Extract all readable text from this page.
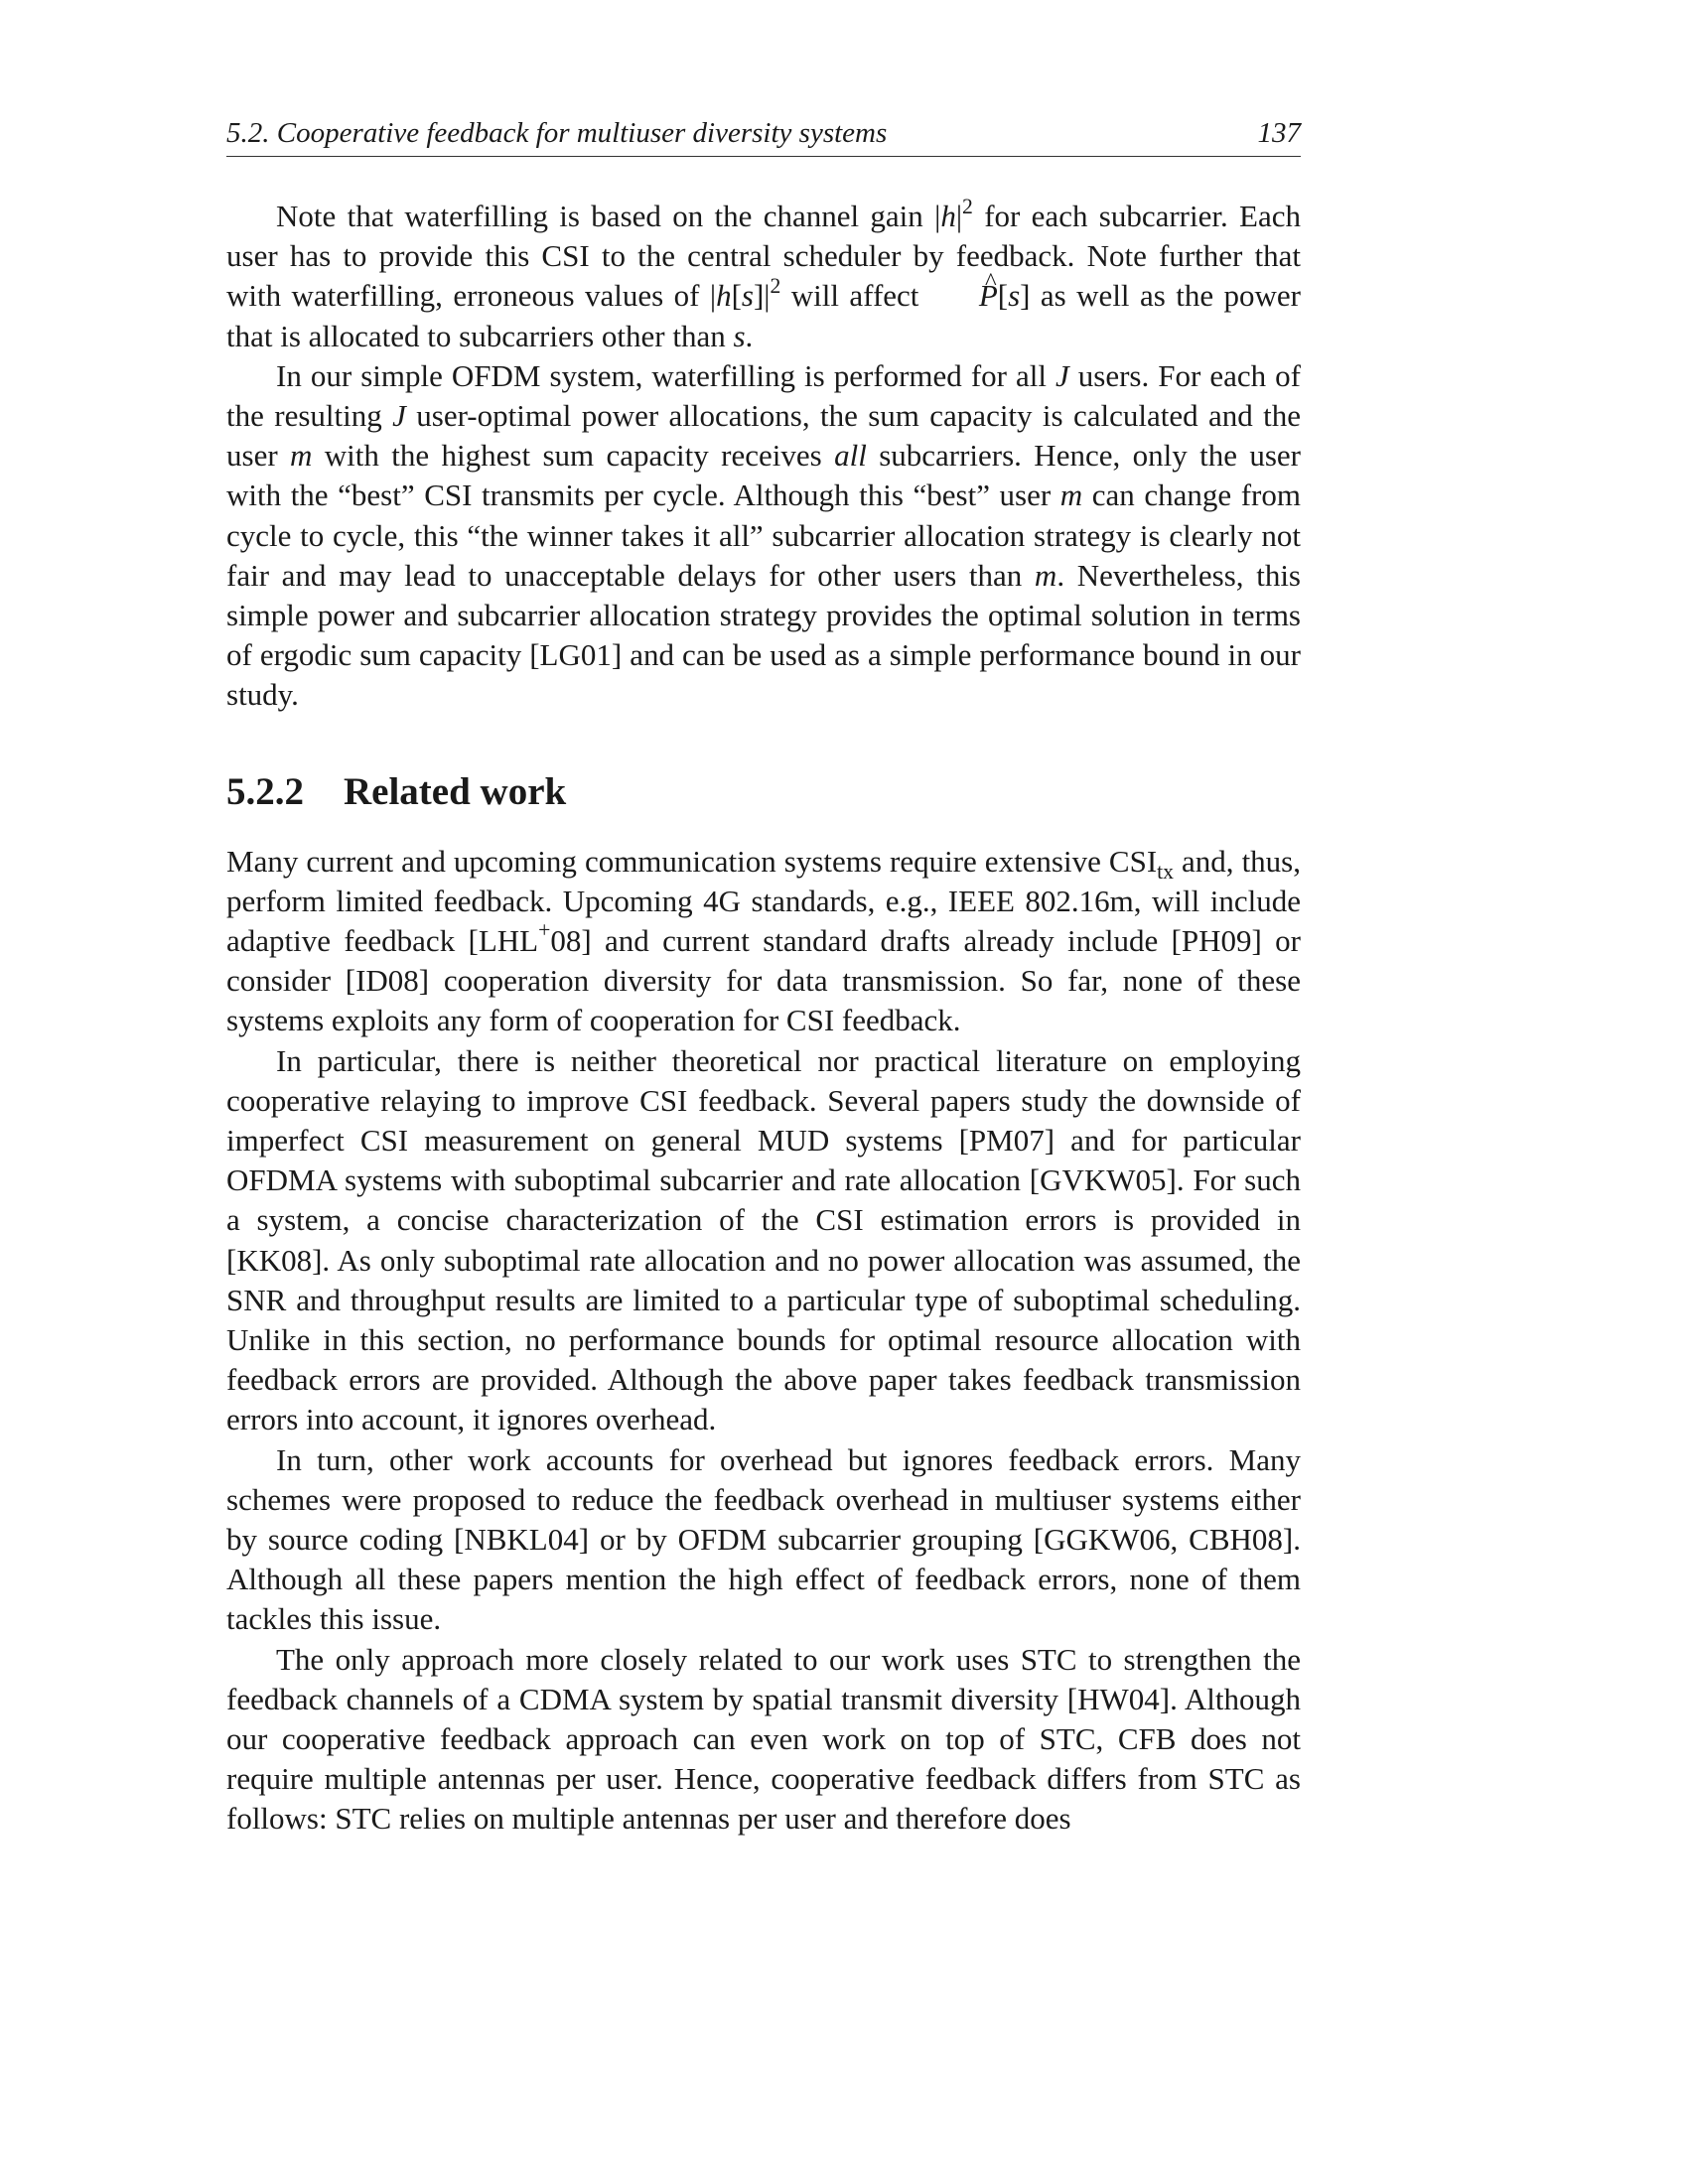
5.2. Cooperative feedback for multiuser diversity systems	137

Note that waterfilling is based on the channel gain $|h|^2$ for each subcarrier. Each user has to provide this CSI to the central scheduler by feedback. Note further that with waterfilling, erroneous values of $|h[s]|^2$ will affect ^ P[s] as well as the power that is allocated to subcarriers other than s.

In our simple OFDM system, waterfilling is performed for all J users. For each of the resulting J user-optimal power allocations, the sum capacity is calculated and the user m with the highest sum capacity receives all subcarriers. Hence, only the user with the “best” CSI transmits per cycle. Although this “best” user m can change from cycle to cycle, this “the winner takes it all” subcarrier allocation strategy is clearly not fair and may lead to unacceptable delays for other users than m. Nevertheless, this simple power and subcarrier allocation strategy provides the optimal solution in terms of ergodic sum capacity [LG01] and can be used as a simple performance bound in our study.

5.2.2 Related work

Many current and upcoming communication systems require extensive $CSI_{tx}$ and, thus, perform limited feedback. Upcoming 4G standards, e.g., IEEE 802.16m, will include adaptive feedback [LHL+08] and current standard drafts already include [PH09] or consider [ID08] cooperation diversity for data transmission. So far, none of these systems exploits any form of cooperation for CSI feedback.

In particular, there is neither theoretical nor practical literature on employing cooperative relaying to improve CSI feedback. Several papers study the downside of imperfect CSI measurement on general MUD systems [PM07] and for particular OFDMA systems with suboptimal subcarrier and rate allocation [GVKW05]. For such a system, a concise characterization of the CSI estimation errors is provided in [KK08]. As only suboptimal rate allocation and no power allocation was assumed, the SNR and throughput results are limited to a particular type of suboptimal scheduling. Unlike in this section, no performance bounds for optimal resource allocation with feedback errors are provided. Although the above paper takes feedback transmission errors into account, it ignores overhead.

In turn, other work accounts for overhead but ignores feedback errors. Many schemes were proposed to reduce the feedback overhead in multiuser systems either by source coding [NBKL04] or by OFDM subcarrier grouping [GGKW06, CBH08]. Although all these papers mention the high effect of feedback errors, none of them tackles this issue.

The only approach more closely related to our work uses STC to strengthen the feedback channels of a CDMA system by spatial transmit diversity [HW04]. Although our cooperative feedback approach can even work on top of STC, CFB does not require multiple antennas per user. Hence, cooperative feedback differs from STC as follows: STC relies on multiple antennas per user and therefore does
